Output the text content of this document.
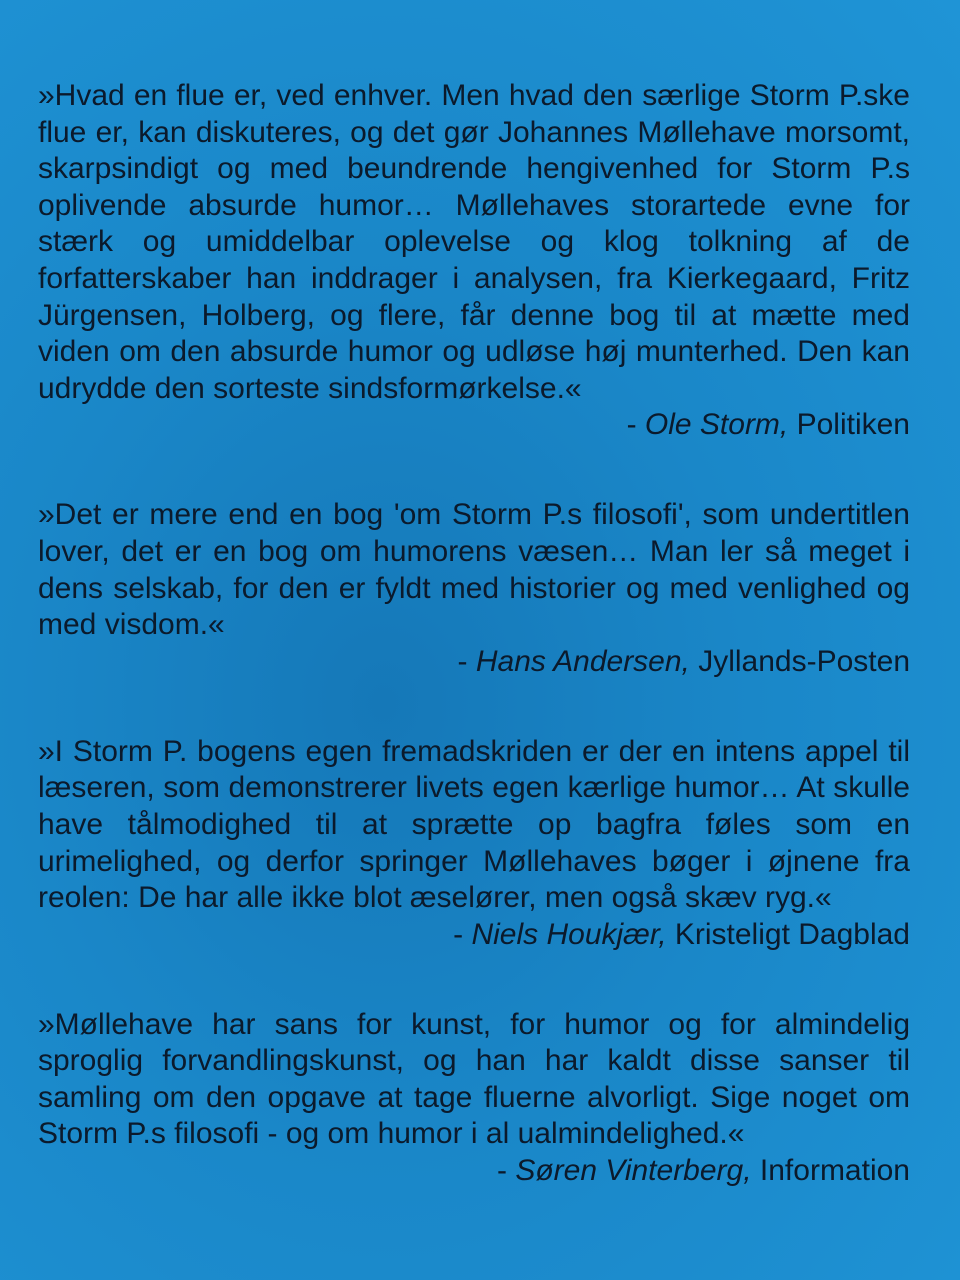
»Hvad en flue er, ved enhver. Men hvad den særlige Storm P.ske flue er, kan diskuteres, og det gør Johannes Møllehave morsomt, skarpsindigt og med beundrende hengivenhed for Storm P.s oplivende absurde humor… Møllehaves storartede evne for stærk og umiddelbar oplevelse og klog tolkning af de forfatterskaber han inddrager i analysen, fra Kierkegaard, Fritz Jürgensen, Holberg, og flere, får denne bog til at mætte med viden om den absurde humor og udløse høj munterhed. Den kan udrydde den sorteste sindsformørkelse.«

- Ole Storm, Politiken

»Det er mere end en bog 'om Storm P.s filosofi', som undertitlen lover, det er en bog om humorens væsen… Man ler så meget i dens selskab, for den er fyldt med historier og med venlighed og med visdom.«

- Hans Andersen, Jyllands-Posten

»I Storm P. bogens egen fremadskriden er der en intens appel til læseren, som demonstrerer livets egen kærlige humor… At skulle have tålmodighed til at sprætte op bagfra føles som en urimelighed, og derfor springer Møllehaves bøger i øjnene fra reolen: De har alle ikke blot æselører, men også skæv ryg.«

- Niels Houkjær, Kristeligt Dagblad

»Møllehave har sans for kunst, for humor og for almindelig sproglig forvandlingskunst, og han har kaldt disse sanser til samling om den opgave at tage fluerne alvorligt. Sige noget om Storm P.s filosofi - og om humor i al ualmindelighed.«

- Søren Vinterberg, Information
